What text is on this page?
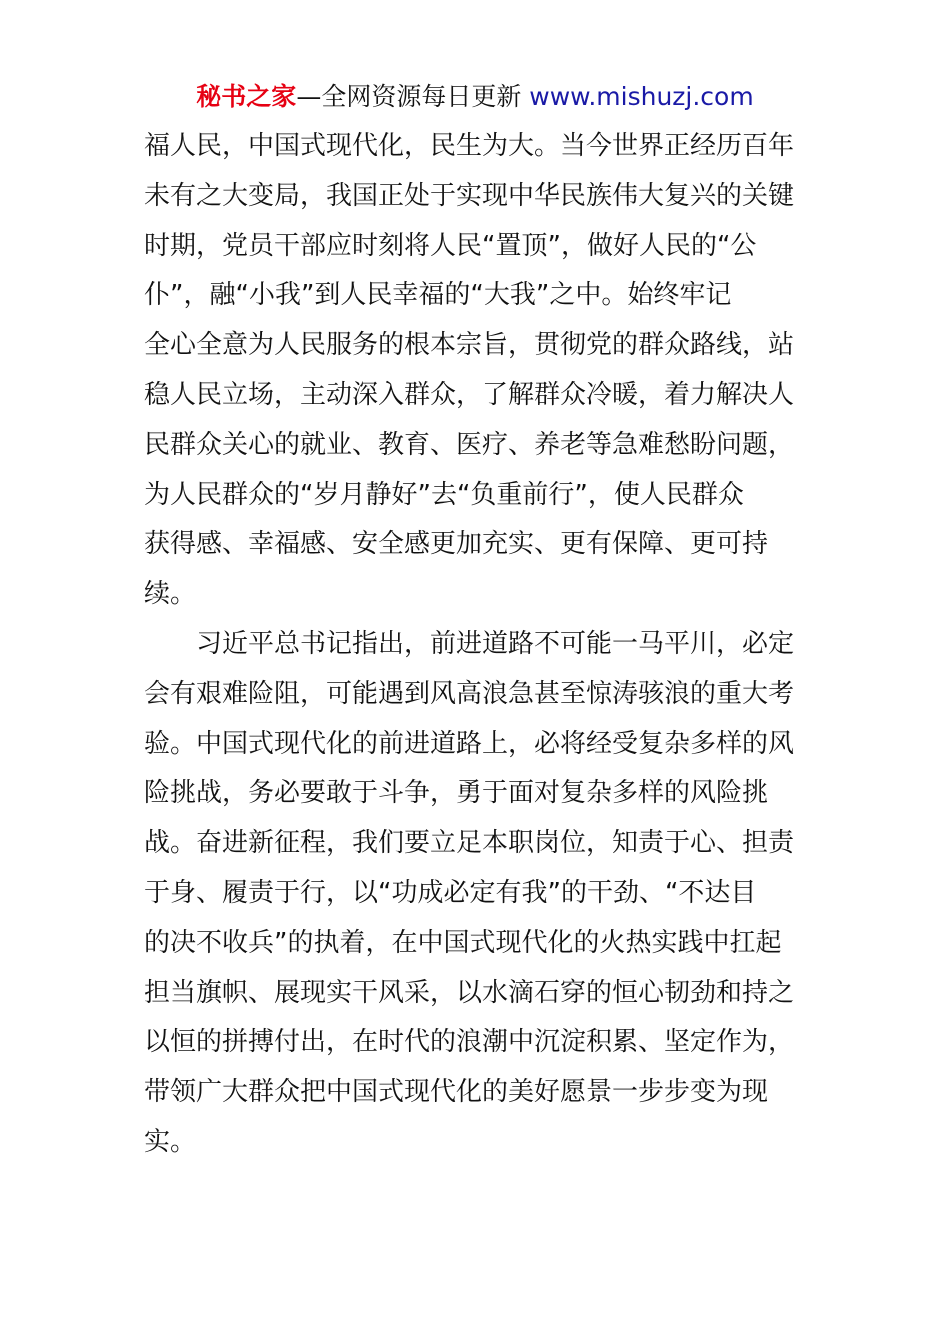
秘书之家—全网资源每日更新 www.mishuzj.com
福人民，中国式现代化，民生为大。当今世界正经历百年
未有之大变局，我国正处于实现中华民族伟大复兴的关键
时期，党员干部应时刻将人民“置顶”，做好人民的“公
仆”，融“小我”到人民幸福的“大我”之中。始终牢记
全心全意为人民服务的根本宗旨，贯彻党的群众路线，站
稳人民立场，主动深入群众，了解群众冷暖，着力解决人
民群众关心的就业、教育、医疗、养老等急难愁盼问题，
为人民群众的“岁月静好”去“负重前行”，使人民群众
获得感、幸福感、安全感更加充实、更有保障、更可持
续。
习近平总书记指出，前进道路不可能一马平川，必定
会有艰难险阻，可能遇到风高浪急甚至惊涛骇浪的重大考
验。中国式现代化的前进道路上，必将经受复杂多样的风
险挑战，务必要敢于斗争，勇于面对复杂多样的风险挑
战。奋进新征程，我们要立足本职岗位，知责于心、担责
于身、履责于行，以“功成必定有我”的干劲、“不达目
的决不收兵”的执着，在中国式现代化的火热实践中扛起
担当旗帜、展现实干风采，以水滴石穿的恒心韧劲和持之
以恒的拼搏付出，在时代的浪潮中沉淀积累、坚定作为，
带领广大群众把中国式现代化的美好愿景一步步变为现
实。
